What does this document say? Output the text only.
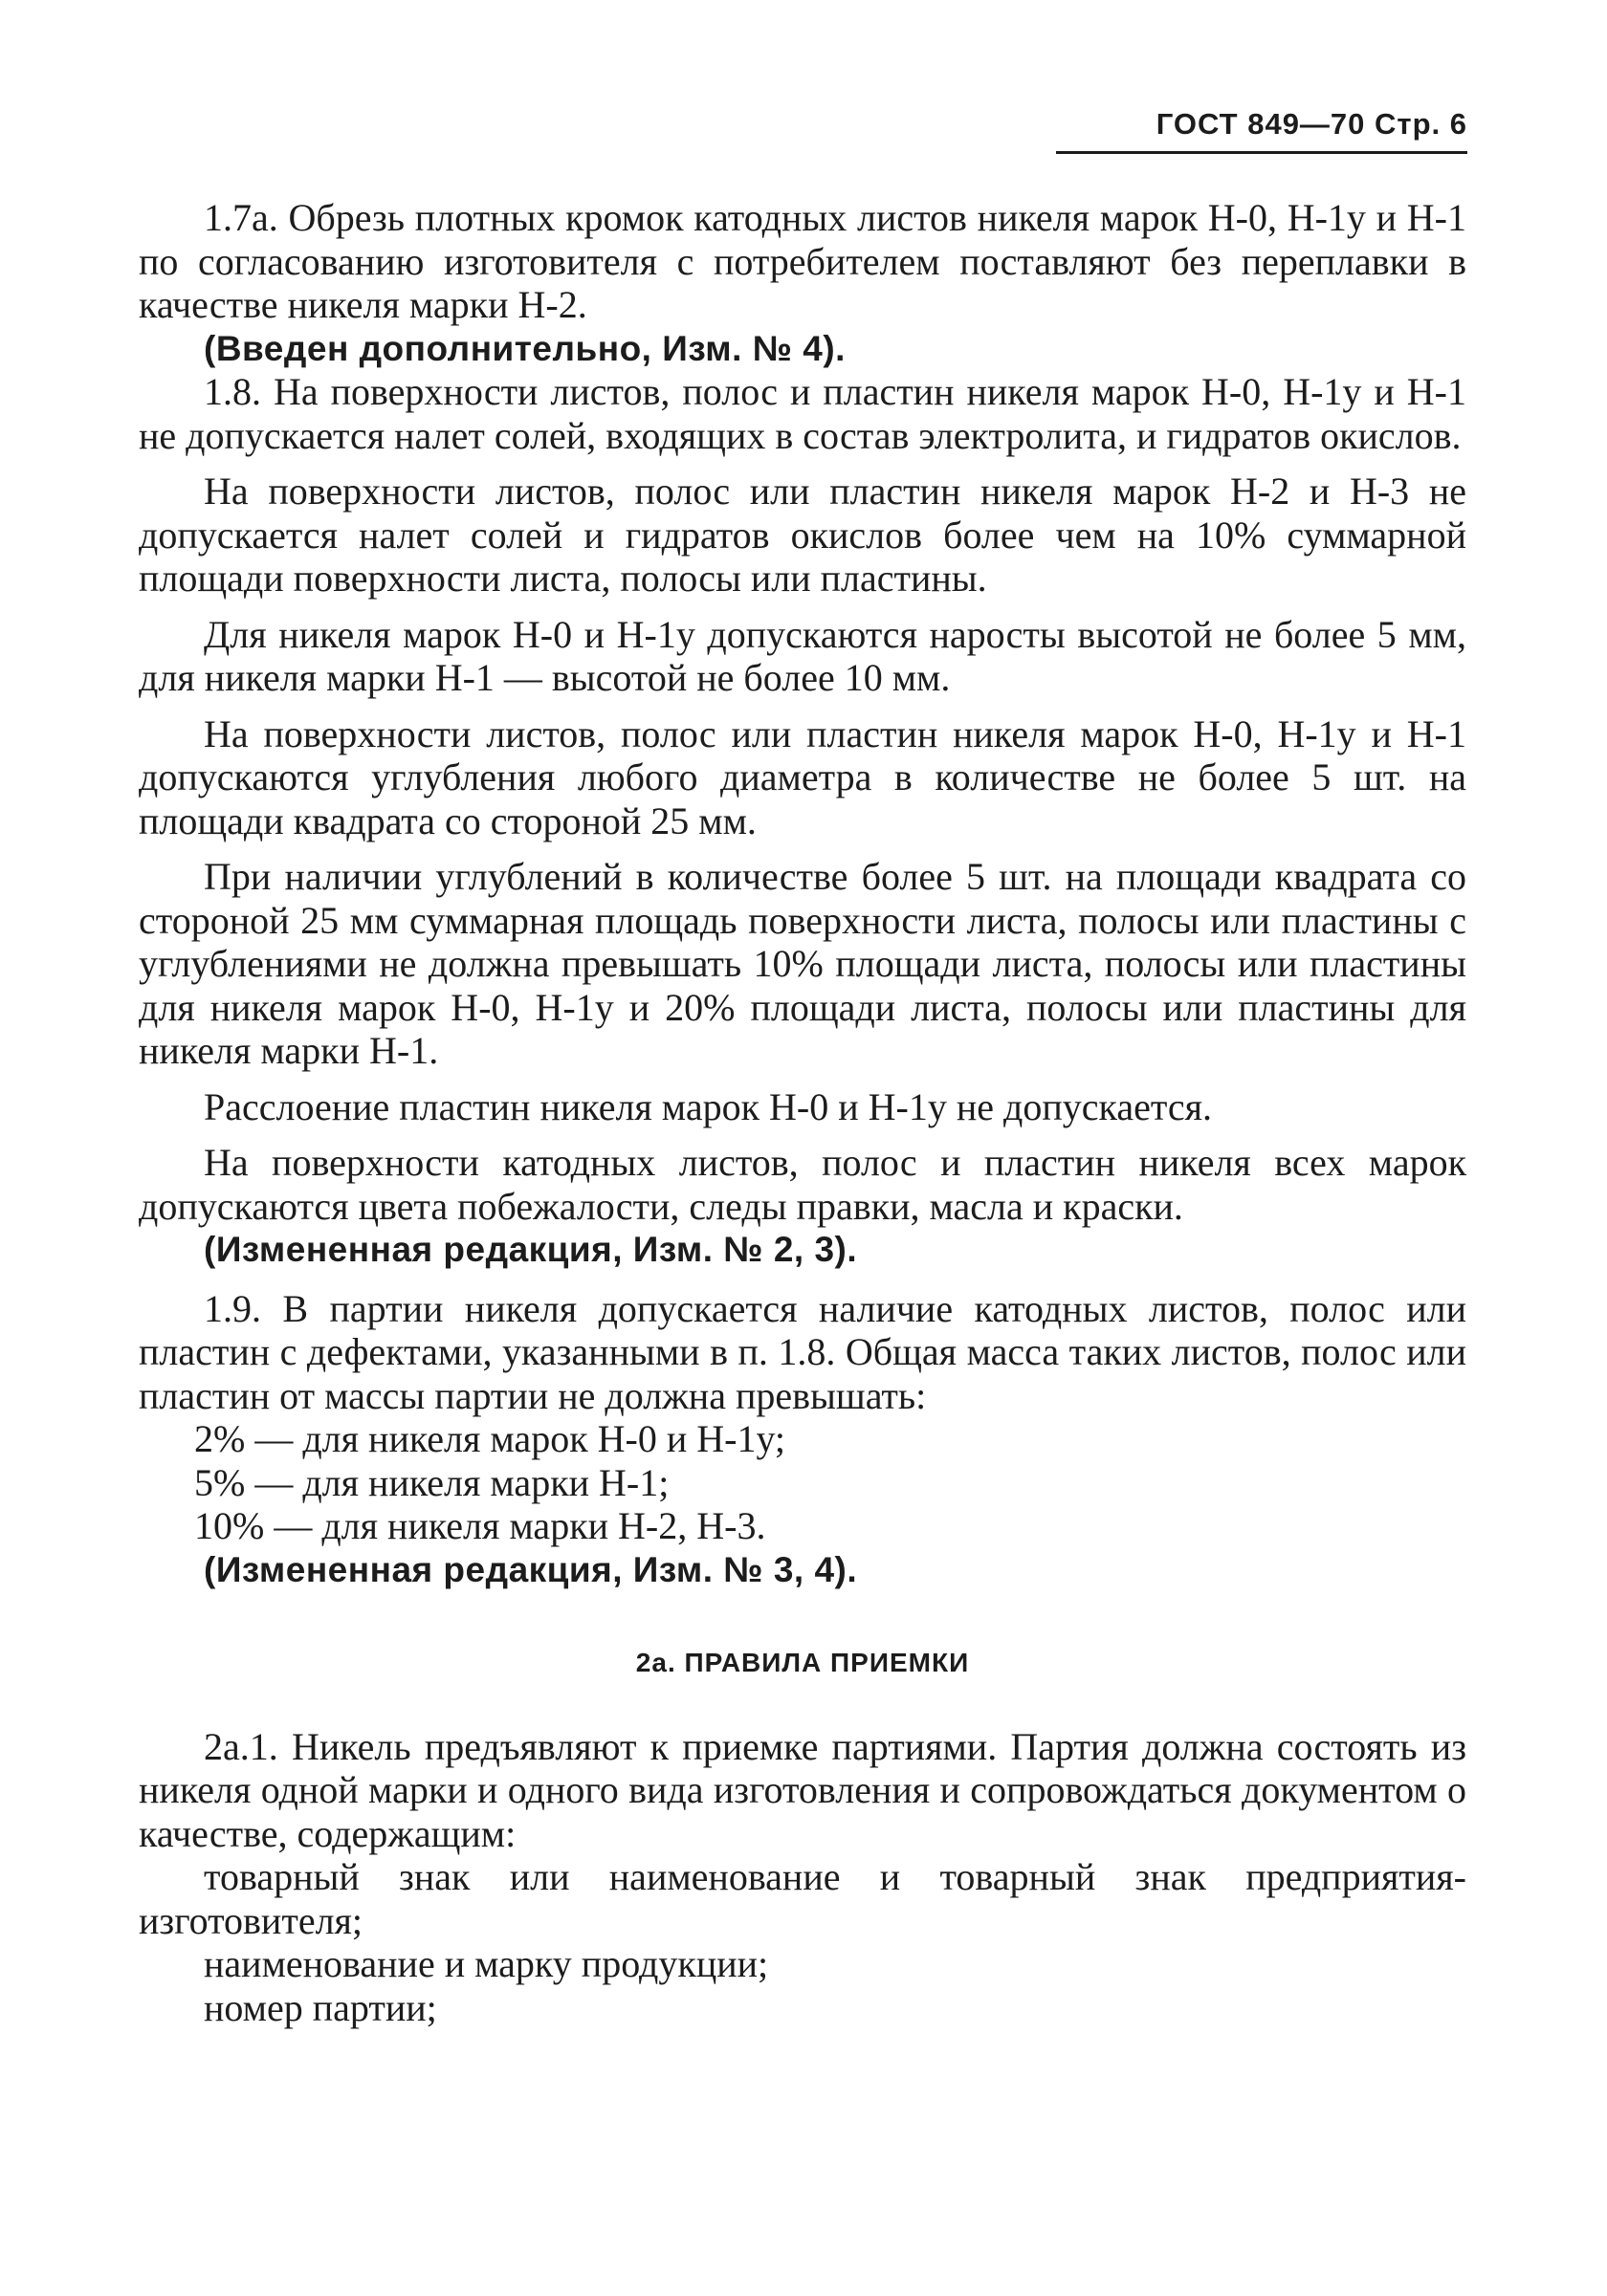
ГОСТ 849—70 Стр. 6

1.7а. Обрезь плотных кромок катодных листов никеля марок Н-0, Н-1у и Н-1 по согласованию изготовителя с потребителем поставляют без переплавки в качестве никеля марки Н-2.

(Введен дополнительно, Изм. № 4).

1.8. На поверхности листов, полос и пластин никеля марок Н-0, Н-1у и Н-1 не допускается налет солей, входящих в состав электролита, и гидратов окислов.

На поверхности листов, полос или пластин никеля марок Н-2 и Н-3 не допускается налет солей и гидратов окислов более чем на 10% суммарной площади поверхности листа, полосы или пластины.

Для никеля марок Н-0 и Н-1у допускаются наросты высотой не более 5 мм, для никеля марки Н-1 — высотой не более 10 мм.

На поверхности листов, полос или пластин никеля марок Н-0, Н-1у и Н-1 допускаются углубления любого диаметра в количестве не более 5 шт. на площади квадрата со стороной 25 мм.

При наличии углублений в количестве более 5 шт. на площади квадрата со стороной 25 мм суммарная площадь поверхности листа, полосы или пластины с углублениями не должна превышать 10% площади листа, полосы или пластины для никеля марок Н-0, Н-1у и 20% площади листа, полосы или пластины для никеля марки Н-1.

Расслоение пластин никеля марок Н-0 и Н-1у не допускается.

На поверхности катодных листов, полос и пластин никеля всех марок допускаются цвета побежалости, следы правки, масла и краски.

(Измененная редакция, Изм. № 2, 3).

1.9. В партии никеля допускается наличие катодных листов, полос или пластин с дефектами, указанными в п. 1.8. Общая масса таких листов, полос или пластин от массы партии не должна превышать:

2% — для никеля марок Н-0 и Н-1у;

5% — для никеля марки Н-1;

10% — для никеля марки Н-2, Н-3.

(Измененная редакция, Изм. № 3, 4).

2а. ПРАВИЛА ПРИЕМКИ

2а.1. Никель предъявляют к приемке партиями. Партия должна состоять из никеля одной марки и одного вида изготовления и сопровождаться документом о качестве, содержащим:

товарный знак или наименование и товарный знак предприятия-изготовителя;

наименование и марку продукции;

номер партии;
